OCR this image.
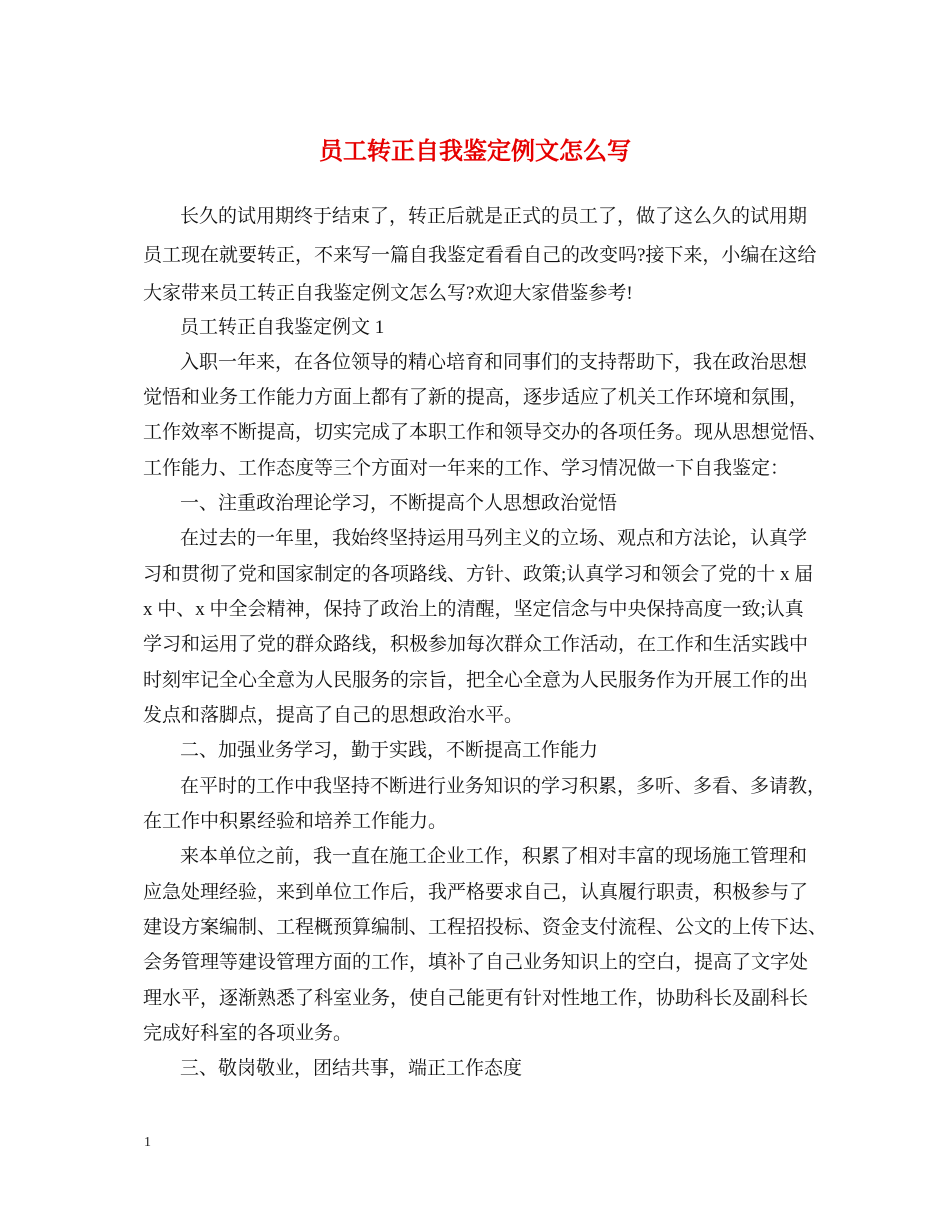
员工转正自我鉴定例文怎么写
长久的试用期终于结束了，转正后就是正式的员工了，做了这么久的试用期
员工现在就要转正，不来写一篇自我鉴定看看自己的改变吗?接下来，小编在这给
大家带来员工转正自我鉴定例文怎么写?欢迎大家借鉴参考!
员工转正自我鉴定例文 1
入职一年来，在各位领导的精心培育和同事们的支持帮助下，我在政治思想
觉悟和业务工作能力方面上都有了新的提高，逐步适应了机关工作环境和氛围，
工作效率不断提高，切实完成了本职工作和领导交办的各项任务。现从思想觉悟、
工作能力、工作态度等三个方面对一年来的工作、学习情况做一下自我鉴定：
一、注重政治理论学习，不断提高个人思想政治觉悟
在过去的一年里，我始终坚持运用马列主义的立场、观点和方法论，认真学
习和贯彻了党和国家制定的各项路线、方针、政策;认真学习和领会了党的十 x 届
x 中、x 中全会精神，保持了政治上的清醒，坚定信念与中央保持高度一致;认真
学习和运用了党的群众路线，积极参加每次群众工作活动，在工作和生活实践中
时刻牢记全心全意为人民服务的宗旨，把全心全意为人民服务作为开展工作的出
发点和落脚点，提高了自己的思想政治水平。
二、加强业务学习，勤于实践，不断提高工作能力
在平时的工作中我坚持不断进行业务知识的学习积累，多听、多看、多请教，
在工作中积累经验和培养工作能力。
来本单位之前，我一直在施工企业工作，积累了相对丰富的现场施工管理和
应急处理经验，来到单位工作后，我严格要求自己，认真履行职责，积极参与了
建设方案编制、工程概预算编制、工程招投标、资金支付流程、公文的上传下达、
会务管理等建设管理方面的工作，填补了自己业务知识上的空白，提高了文字处
理水平，逐渐熟悉了科室业务，使自己能更有针对性地工作，协助科长及副科长
完成好科室的各项业务。
三、敬岗敬业，团结共事，端正工作态度
1
